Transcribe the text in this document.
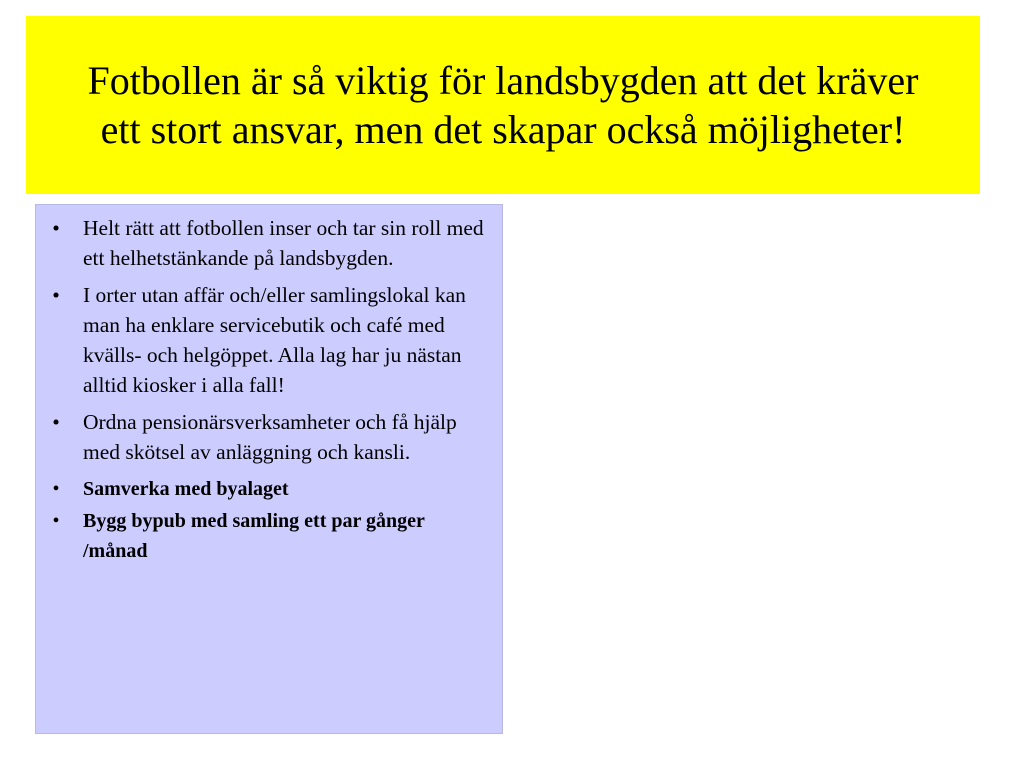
Fotbollen är så viktig för landsbygden att det kräver ett stort ansvar, men det skapar också möjligheter!
• Helt rätt att fotbollen inser och tar sin roll med ett helhetstänkande på landsbygden.
• I orter utan affär och/eller samlingslokal kan man ha enklare servicebutik och café med kvälls- och helgöppet. Alla lag har ju nästan alltid kiosker i alla fall!
• Ordna pensionärsverksamheter och få hjälp med skötsel av anläggning och kansli.
•	Samverka med byalaget
•	Bygg bypub med samling ett par gånger /månad
